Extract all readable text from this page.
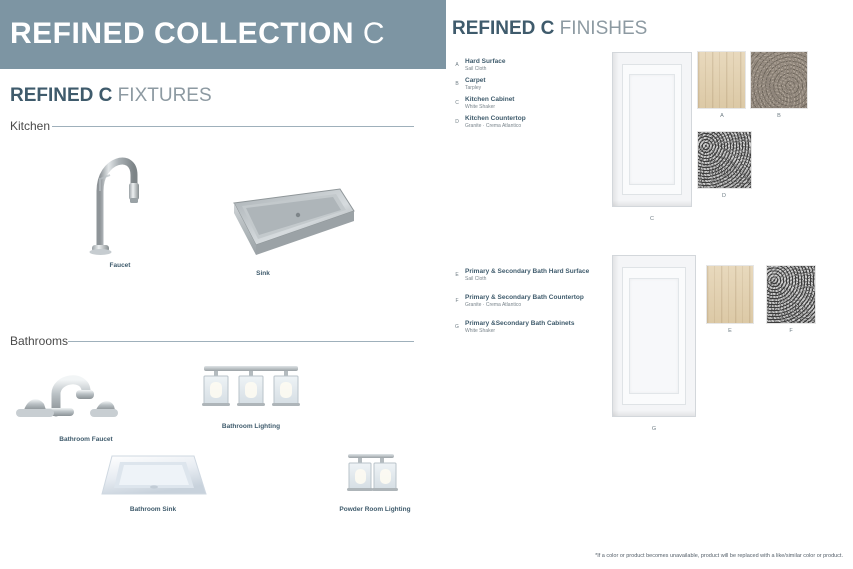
REFINED COLLECTION C
REFINED C FIXTURES
Kitchen
Faucet
Sink
Bathrooms
Bathroom Faucet
Bathroom Lighting
Bathroom Sink	Powder Room Lighting
REFINED C FINISHES
A Hard Surface
Sail Cloth
B Carpet
Tarpley
C Kitchen Cabinet
White Shaker
D Kitchen Countertop
Granite · Crema Atlantico
C
A	B
D
E Primary & Secondary Bath Hard Surface
Sail Cloth
F Primary & Secondary Bath Countertop
Granite · Crema Atlantico
G Primary &Secondary Bath Cabinets
White Shaker
G
E	F
*If a color or product becomes unavailable, product will be replaced with a like/similar color or product.
